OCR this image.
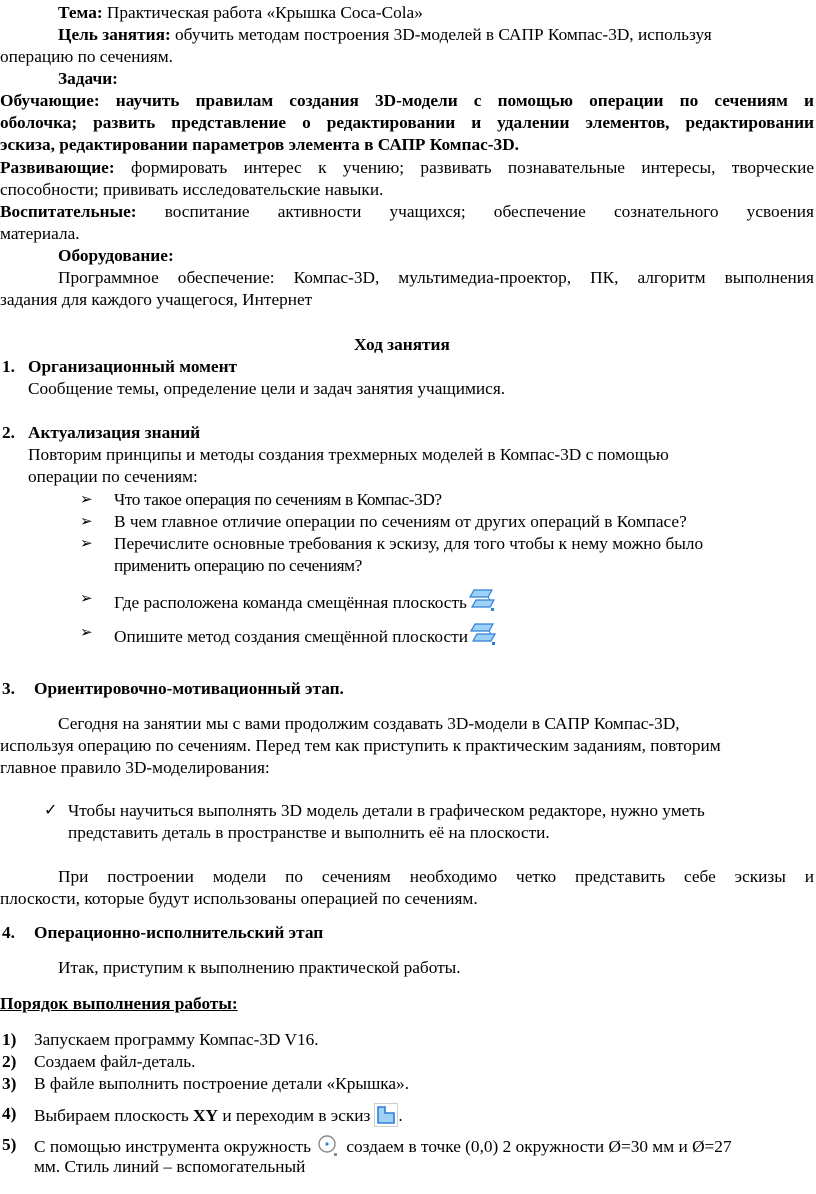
Тема: Практическая работа «Крышка Coca-Cola»
Цель занятия: обучить методам построения 3D-моделей в САПР Компас-3D, используя
операцию по сечениям.
Задачи:
Обучающие: научить правилам создания 3D-модели с помощью операции по сечениям и
оболочка; развить представление о редактировании и удалении элементов, редактировании
эскиза, редактировании параметров элемента в САПР Компас-3D.
Развивающие: формировать интерес к учению; развивать познавательные интересы, творческие
способности; прививать исследовательские навыки.
Воспитательные: воспитание активности учащихся; обеспечение сознательного усвоения
материала.
Оборудование:
Программное обеспечение: Компас-3D, мультимедиа-проектор, ПК, алгоритм выполнения
задания для каждого учащегося, Интернет
Ход занятия
1. Организационный момент
Сообщение темы, определение цели и задач занятия учащимися.
2. Актуализация знаний
Повторим принципы и методы создания трехмерных моделей в Компас-3D с помощью
операции по сечениям:
➢ Что такое операция по сечениям в Компас-3D?
➢ В чем главное отличие операции по сечениям от других операций в Компасе?
➢ Перечислите основные требования к эскизу, для того чтобы к нему можно было
применить операцию по сечениям?
➢ Где расположена команда смещённая плоскость
➢ Опишите метод создания смещённой плоскости
3. Ориентировочно-мотивационный этап.
Сегодня на занятии мы с вами продолжим создавать 3D-модели в САПР Компас-3D,
используя операцию по сечениям. Перед тем как приступить к практическим заданиям, повторим
главное правило 3D-моделирования:
✓ Чтобы научиться выполнять 3D модель детали в графическом редакторе, нужно уметь
представить деталь в пространстве и выполнить её на плоскости.
При построении модели по сечениям необходимо четко представить себе эскизы и
плоскости, которые будут использованы операцией по сечениям.
4. Операционно-исполнительский этап
Итак, приступим к выполнению практической работы.
Порядок выполнения работы:
1) Запускаем программу Компас-3D V16.
2) Создаем файл-деталь.
3) В файле выполнить построение детали «Крышка».
4) Выбираем плоскость XY и переходим в эскиз .
5) С помощью инструмента окружность создаем в точке (0,0) 2 окружности Ø=30 мм и Ø=27
мм. Стиль линий – вспомогательный
